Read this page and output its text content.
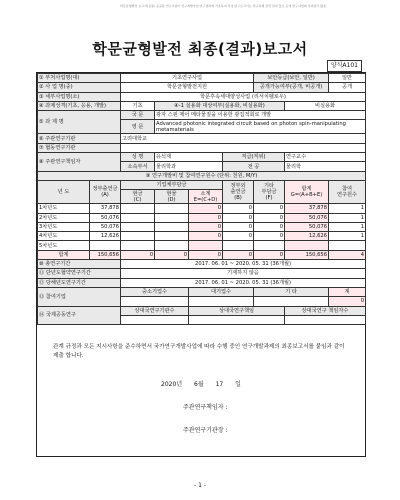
학문균형발전 보고서(공통) 공공용 연구기관이 연구개발사업 연구결과에 기초하여 작성 연구보고서는 연구과제 관련 결과 물로 공개 연구사업의 성과평가 활용
학문균형발전 최종(결과)보고서
양식A101
① 부처사업명(대)		기초연구사업				보안등급(보안, 일반)		일반
② 사 업 명(중)		학문균형발전지원				공개가능여부(공개, 비공개)		공개
③ 세부사업명(소)		학문후속세대양성사업 (리서치펠로우)						
④ 과제성격(기초, 응용, 개발)		기초	④-1 실용화 대상여부(실용화, 비실용화)				비실용화	
⑤ 과 제 명		국 문	광자 스핀 제어 메타물질을 이용한 광집적회로 개발					
		영 문	Advanced photonic integrated circuit based on photon spin-manipulating metamaterials					
⑥ 주관연구기관		고려대학교						
⑦ 협동연구기관								
⑧ 주관연구책임자		성 명	유석재		직급(직위)		연구교수	
		소속부서	물리학과		전 공		물리학	
⑨ 연구개발비 및 참여연구원수 (단위: 천원, M/Y)								
년 도	정부출연금
(A)	기업체부담금			정부외
출연금
(B)	기타
부담금
(F)	합계
G=(A+B+E)	참여
연구원수
		현금
(C)	현물
(D)	소계
E=(C+D)				
1차년도	37,878			0	0	0	37,878	1
2차년도	50,076			0	0	0	50,076	1
3차년도	50,076			0	0	0	50,076	1
4차년도	12,626			0	0	0	12,626	1
5차년도								
합계	150,656	0	0	0	0	0	150,656	4
⑩ 총연구기간		2017. 06. 01 ~ 2020. 05. 31 (36개월)						
⑪ 단년도협약연구기간		기재하지 않음						
⑫ 당해년도연구기간		2017. 06. 01 ~ 2020. 05. 31 (36개월)						
⑬ 참여기업		중소기업수		대기업수		기 타		계
								0
⑭ 국제공동연구		상대국연구기관수		상대국연구책임			상대국연구 책임자수	

관계 규정과 모든 지시사항을 준수하면서 국가연구개발사업에 따라 수행 중인 연구개발과제의 최종보고서를 붙임과 같이 제출 합니다.
2020년 6월 17 일
주관연구책임자 :
주관연구기관장 :
- 1 -
